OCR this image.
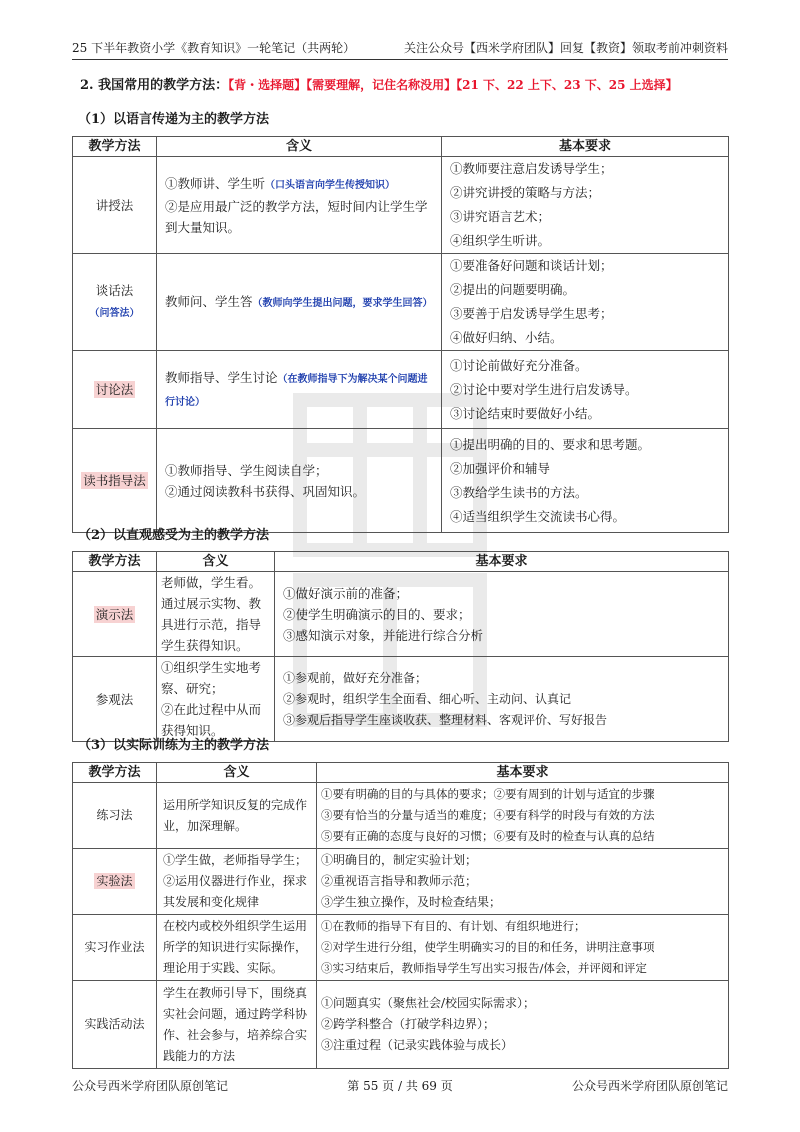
25 下半年教资小学《教育知识》一轮笔记（共两轮）	关注公众号【西米学府团队】回复【教资】领取考前冲刺资料
2. 我国常用的教学方法：【背・选择题】【需要理解，记住名称没用】【21 下、22 上下、23 下、25 上选择】
（1）以语言传递为主的教学方法
教学方法	含义	基本要求
讲授法	①教师讲、学生听（口头语言向学生传授知识）
②是应用最广泛的教学方法，短时间内让学生学到大量知识。	①教师要注意启发诱导学生；
②讲究讲授的策略与方法；
③讲究语言艺术；
④组织学生听讲。

谈话法
（问答法）	教师问、学生答（教师向学生提出问题，要求学生回答）	①要准备好问题和谈话计划；
②提出的问题要明确。
③要善于启发诱导学生思考；
④做好归纳、小结。

讨论法	教师指导、学生讨论（在教师指导下为解决某个问题进行讨论）	①讨论前做好充分准备。
②讨论中要对学生进行启发诱导。
③讨论结束时要做好小结。

读书指导法	①教师指导、学生阅读自学；
②通过阅读教科书获得、巩固知识。	①提出明确的目的、要求和思考题。
②加强评价和辅导
③教给学生读书的方法。
④适当组织学生交流读书心得。
（2）以直观感受为主的教学方法
教学方法	含义	基本要求
演示法	老师做，学生看。通过展示实物、教具进行示范，指导学生获得知识。	①做好演示前的准备；
②使学生明确演示的目的、要求；
③感知演示对象，并能进行综合分析

参观法	①组织学生实地考察、研究；
②在此过程中从而获得知识。	①参观前，做好充分准备；
②参观时，组织学生全面看、细心听、主动问、认真记
③参观后指导学生座谈收获、整理材料、客观评价、写好报告
（3）以实际训练为主的教学方法
教学方法	含义	基本要求
练习法	运用所学知识反复的完成作业，加深理解。	①要有明确的目的与具体的要求；②要有周到的计划与适宜的步骤
③要有恰当的分量与适当的难度；④要有科学的时段与有效的方法
⑤要有正确的态度与良好的习惯；⑥要有及时的检查与认真的总结

实验法	①学生做，老师指导学生；
②运用仪器进行作业，探求其发展和变化规律	①明确目的，制定实验计划；
②重视语言指导和教师示范；
③学生独立操作，及时检查结果；

实习作业法	在校内或校外组织学生运用所学的知识进行实际操作，理论用于实践、实际。	①在教师的指导下有目的、有计划、有组织地进行；
②对学生进行分组，使学生明确实习的目的和任务，讲明注意事项
③实习结束后，教师指导学生写出实习报告/体会，并评阅和评定

实践活动法	学生在教师引导下，围绕真实社会问题，通过跨学科协作、社会参与，培养综合实践能力的方法	①问题真实（聚焦社会/校园实际需求）；
②跨学科整合（打破学科边界）；
③注重过程（记录实践体验与成长）
公众号西米学府团队原创笔记	第 55 页 / 共 69 页	公众号西米学府团队原创笔记
